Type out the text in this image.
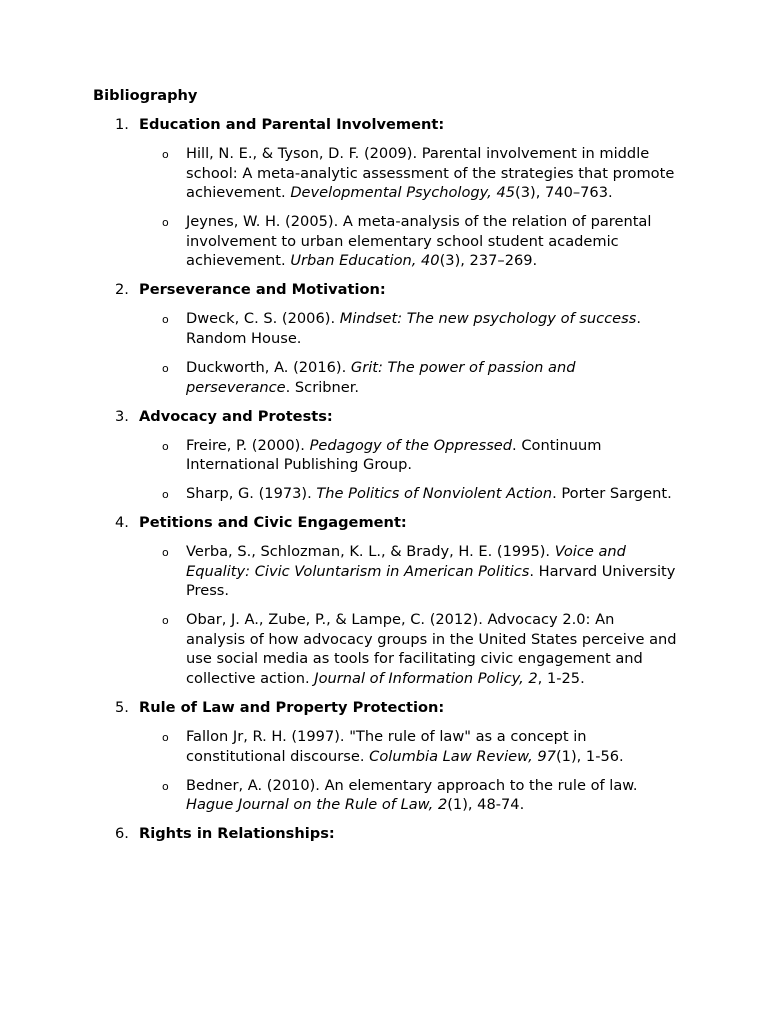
Bibliography
1. Education and Parental Involvement:
o Hill, N. E., & Tyson, D. F. (2009). Parental involvement in middle school: A meta-analytic assessment of the strategies that promote achievement. Developmental Psychology, 45(3), 740–763.
o Jeynes, W. H. (2005). A meta-analysis of the relation of parental involvement to urban elementary school student academic achievement. Urban Education, 40(3), 237–269.
2. Perseverance and Motivation:
o Dweck, C. S. (2006). Mindset: The new psychology of success. Random House.
o Duckworth, A. (2016). Grit: The power of passion and perseverance. Scribner.
3. Advocacy and Protests:
o Freire, P. (2000). Pedagogy of the Oppressed. Continuum International Publishing Group.
o Sharp, G. (1973). The Politics of Nonviolent Action. Porter Sargent.
4. Petitions and Civic Engagement:
o Verba, S., Schlozman, K. L., & Brady, H. E. (1995). Voice and Equality: Civic Voluntarism in American Politics. Harvard University Press.
o Obar, J. A., Zube, P., & Lampe, C. (2012). Advocacy 2.0: An analysis of how advocacy groups in the United States perceive and use social media as tools for facilitating civic engagement and collective action. Journal of Information Policy, 2, 1-25.
5. Rule of Law and Property Protection:
o Fallon Jr, R. H. (1997). "The rule of law" as a concept in constitutional discourse. Columbia Law Review, 97(1), 1-56.
o Bedner, A. (2010). An elementary approach to the rule of law. Hague Journal on the Rule of Law, 2(1), 48-74.
6. Rights in Relationships:
